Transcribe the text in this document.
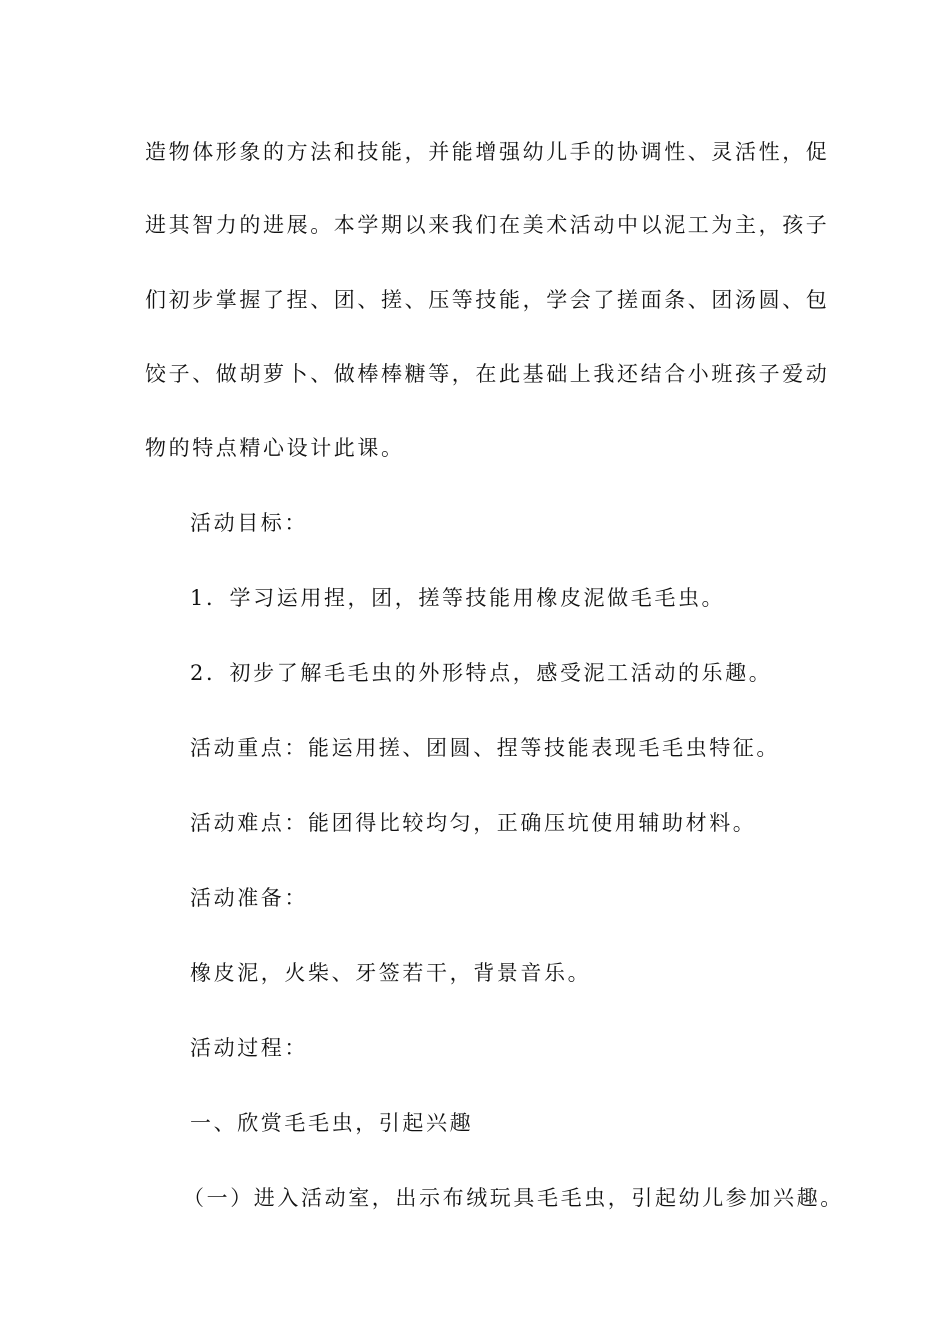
造物体形象的方法和技能，并能增强幼儿手的协调性、灵活性，促
进其智力的进展。本学期以来我们在美术活动中以泥工为主，孩子
们初步掌握了捏、团、搓、压等技能，学会了搓面条、团汤圆、包
饺子、做胡萝卜、做棒棒糖等，在此基础上我还结合小班孩子爱动
物的特点精心设计此课。
活动目标：
1．学习运用捏，团，搓等技能用橡皮泥做毛毛虫。
2．初步了解毛毛虫的外形特点，感受泥工活动的乐趣。
活动重点：能运用搓、团圆、捏等技能表现毛毛虫特征。
活动难点：能团得比较均匀，正确压坑使用辅助材料。
活动准备：
橡皮泥，火柴、牙签若干，背景音乐。
活动过程：
一、欣赏毛毛虫，引起兴趣
（一）进入活动室，出示布绒玩具毛毛虫，引起幼儿参加兴趣。
